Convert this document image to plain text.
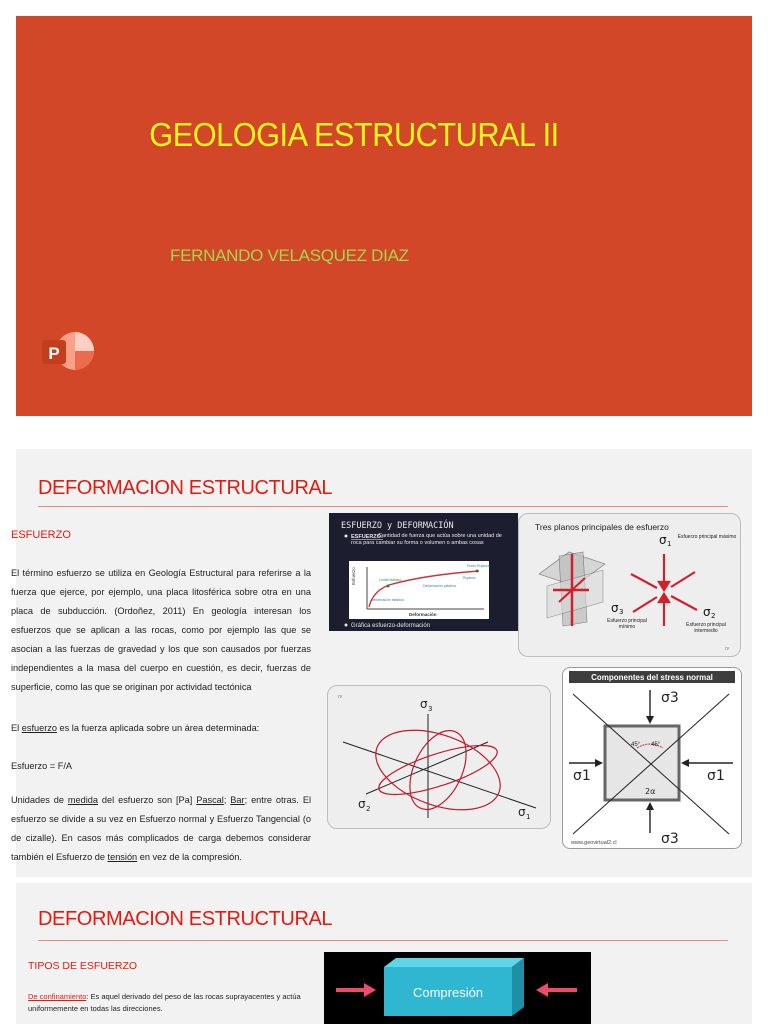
GEOLOGIA ESTRUCTURAL II
FERNANDO VELASQUEZ DIAZ
P
DEFORMACION ESTRUCTURAL
ESFUERZO
El término esfuerzo se utiliza en Geología Estructural para referirse a la fuerza que ejerce, por ejemplo, una placa litosférica sobre otra en una placa de subducción. (Ordoñez, 2011) En geología interesan los esfuerzos que se aplican a las rocas, como por ejemplo las que se asocian a las fuerzas de gravedad y los que son causados por fuerzas independientes a la masa del cuerpo en cuestión, es decir, fuerzas de superficie, como las que se originan por actividad tectónica
El esfuerzo es la fuerza aplicada sobre un área determinada:
Esfuerzo = F/A
Unidades de medida del esfuerzo son [Pa] Pascal; Bar; entre otras. El esfuerzo se divide a su vez en Esfuerzo normal y Esfuerzo Tangencial (o de cizalle). En casos más complicados de carga debemos considerar también el Esfuerzo de tensión en vez de la compresión.
ESFUERZO y DEFORMACIÓN
ESFUERZO:
Cantidad de fuerza que actúa sobre una unidad de roca para cambiar su forma o volumen o ambas cosas
Esfuerzo
Deformación
Límite elástico
Deformación plástica
Deformación elástica
Punto Ruptura
Ruptura
Gráfica esfuerzo-deformación
Tres planos principales de esfuerzo
σ 1
Esfuerzo principal máximo
σ 3
Esfuerzo principal mínimo
σ 2
Esfuerzo principal intermedio
rv
rv	σ 3
σ 2	σ 1
Componentes del stress normal
45° 45°
2α
σ3
σ3
σ1	σ1
www.geovirtual2.cl
DEFORMACION ESTRUCTURAL
TIPOS DE ESFUERZO
De confinamiento: Es aquel derivado del peso de las rocas suprayacentes y actúa uniformemente en todas las direcciones.
Compresión
